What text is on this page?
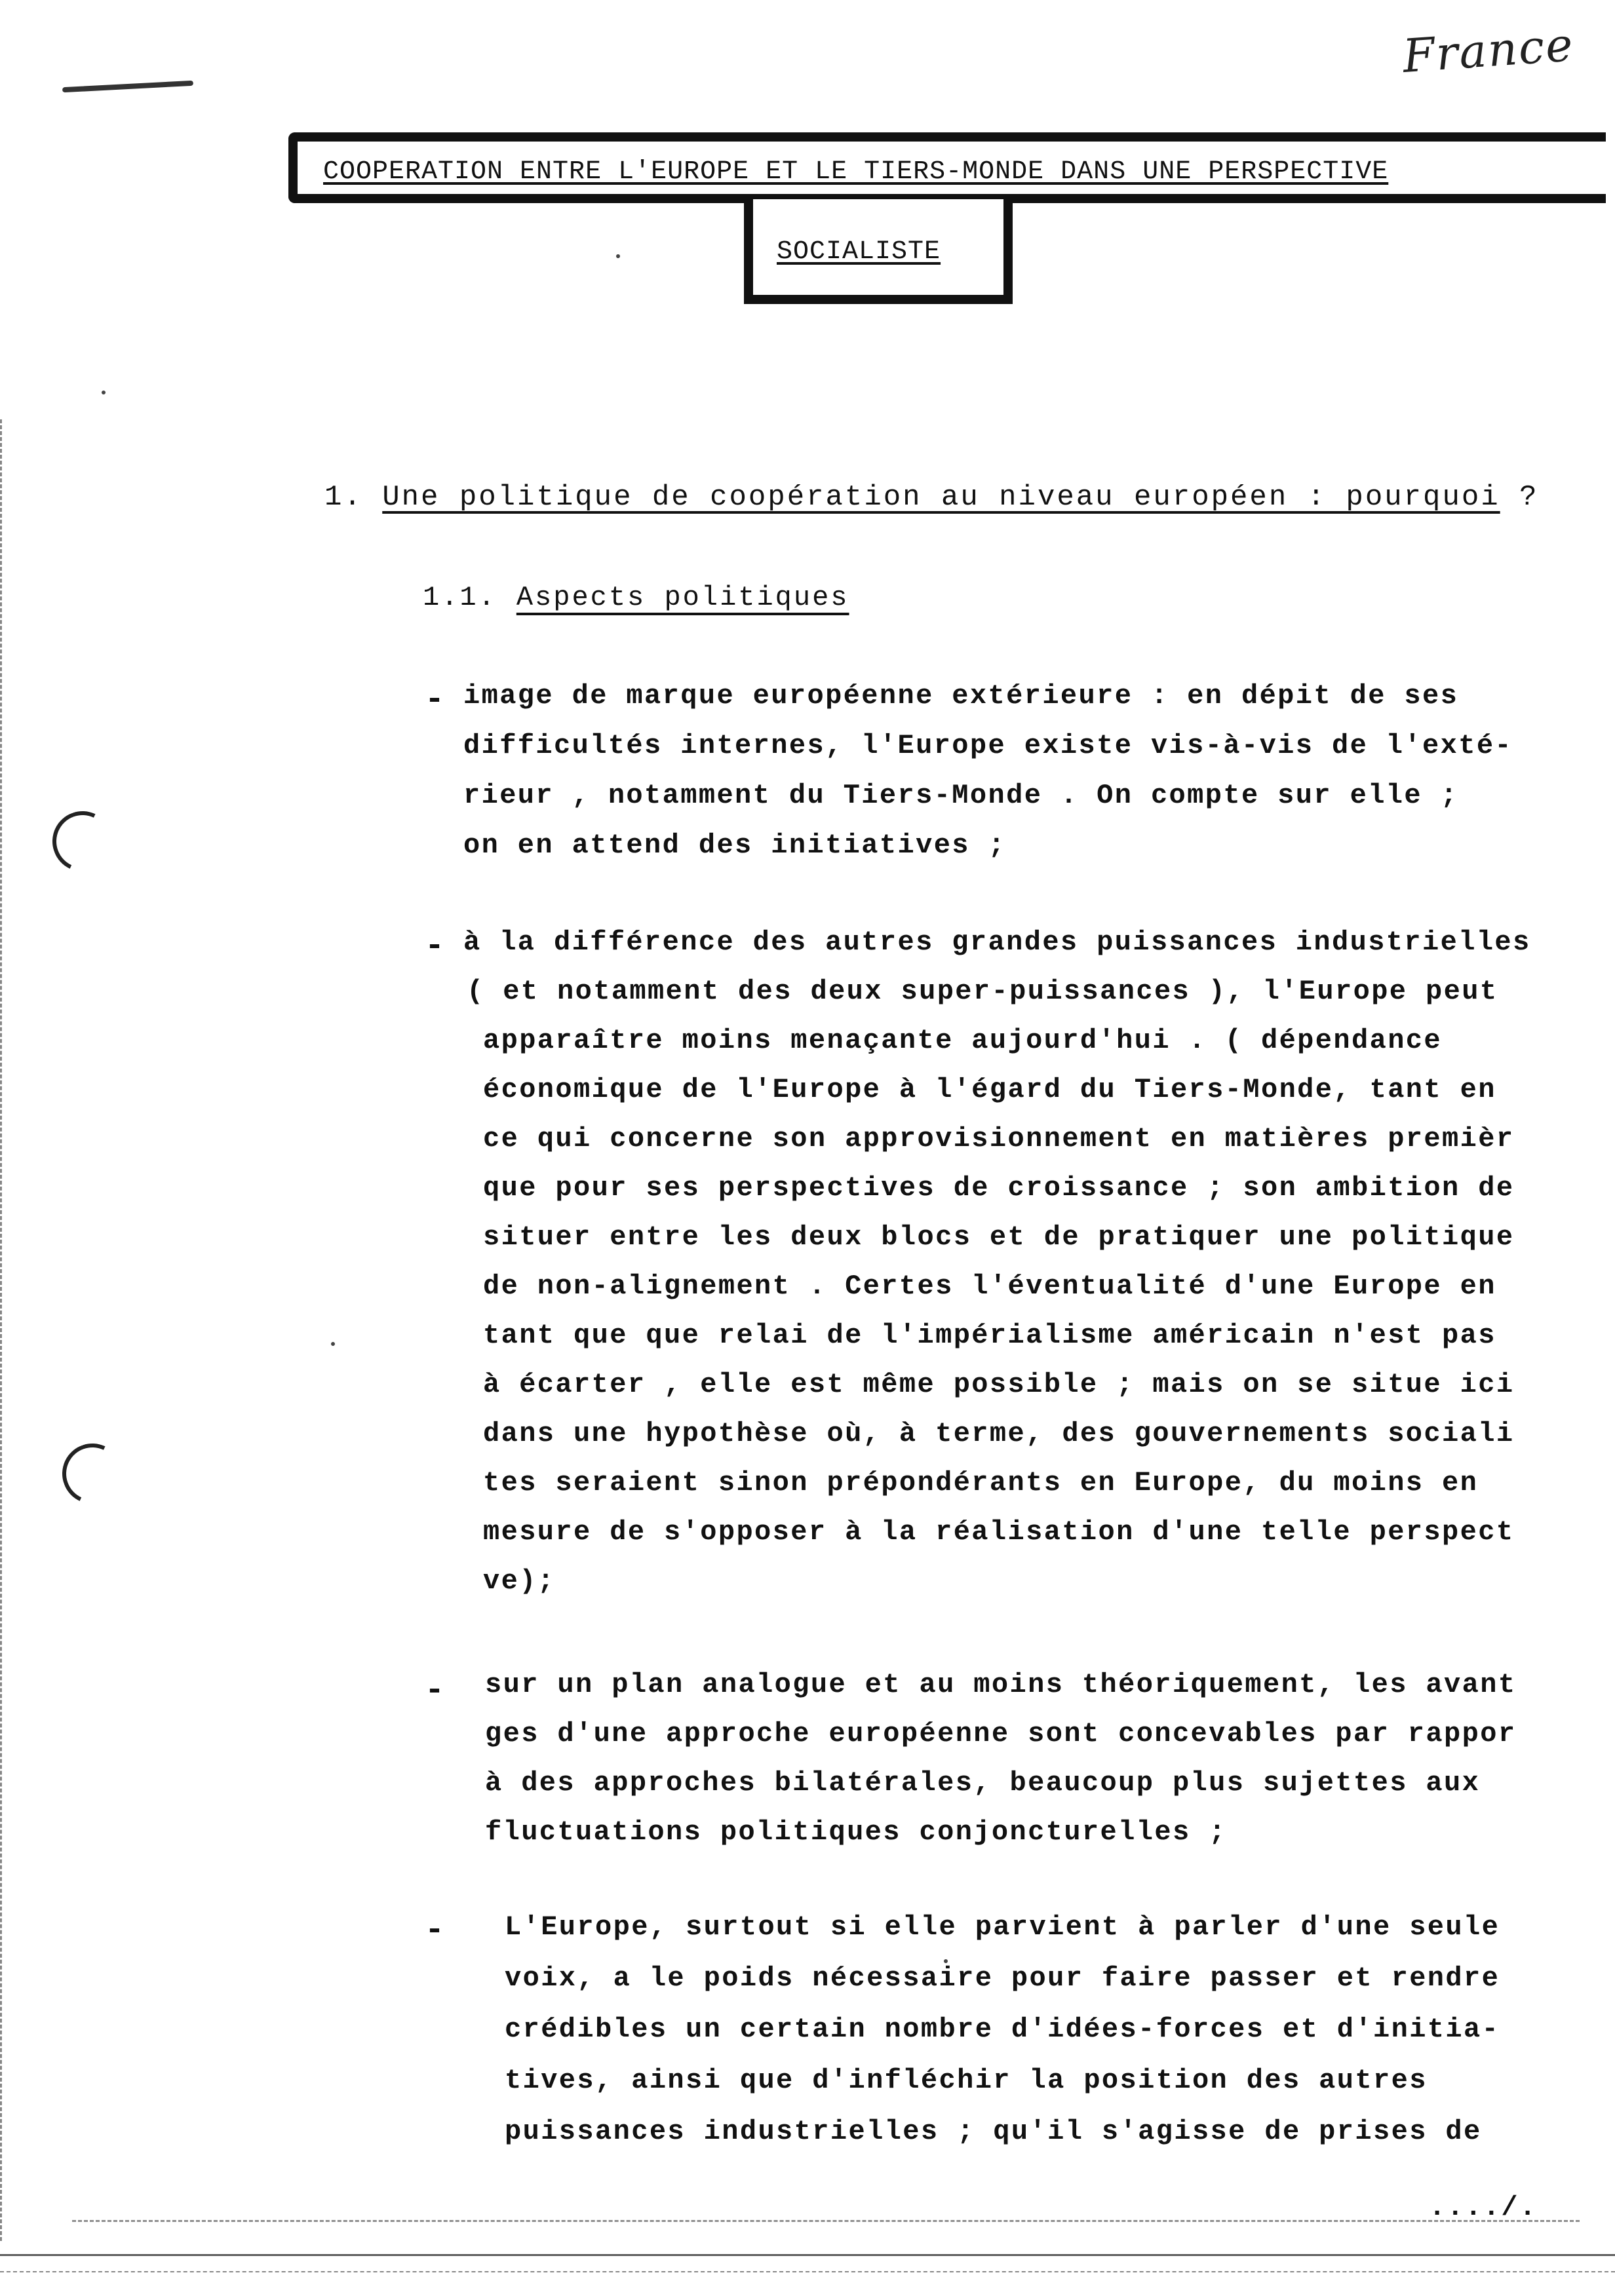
France
COOPERATION ENTRE L'EUROPE ET LE TIERS-MONDE DANS UNE PERSPECTIVE
SOCIALISTE
1. Une politique de coopération au niveau européen : pourquoi ?
1.1. Aspects politiques
- image de marque européenne extérieure : en dépit de ses
difficultés internes, l'Europe existe vis-à-vis de l'exté-
rieur , notamment du Tiers-Monde . On compte sur elle ;
on en attend des initiatives ;
- à la différence des autres grandes puissances industrielles
( et notamment des deux super-puissances ), l'Europe peut
apparaître moins menaçante aujourd'hui . ( dépendance
économique de l'Europe à l'égard du Tiers-Monde, tant en
ce qui concerne son approvisionnement en matières premièr
que pour ses perspectives de croissance ; son ambition de
situer entre les deux blocs et de pratiquer une politique
de non-alignement . Certes l'éventualité d'une Europe en
tant que que relai de l'impérialisme américain n'est pas
à écarter , elle est même possible ; mais on se situe ici
dans une hypothèse où, à terme, des gouvernements sociali
tes seraient sinon prépondérants en Europe, du moins en
mesure de s'opposer à la réalisation d'une telle perspect
ve);
- sur un plan analogue et au moins théoriquement, les avant
ges d'une approche européenne sont concevables par rappor
à des approches bilatérales, beaucoup plus sujettes aux
fluctuations politiques conjoncturelles ;
- L'Europe, surtout si elle parvient à parler d'une seule
voix, a le poids nécessaire pour faire passer et rendre
crédibles un certain nombre d'idées-forces et d'initia-
tives, ainsi que d'infléchir la position des autres
puissances industrielles ; qu'il s'agisse de prises de
..../.
